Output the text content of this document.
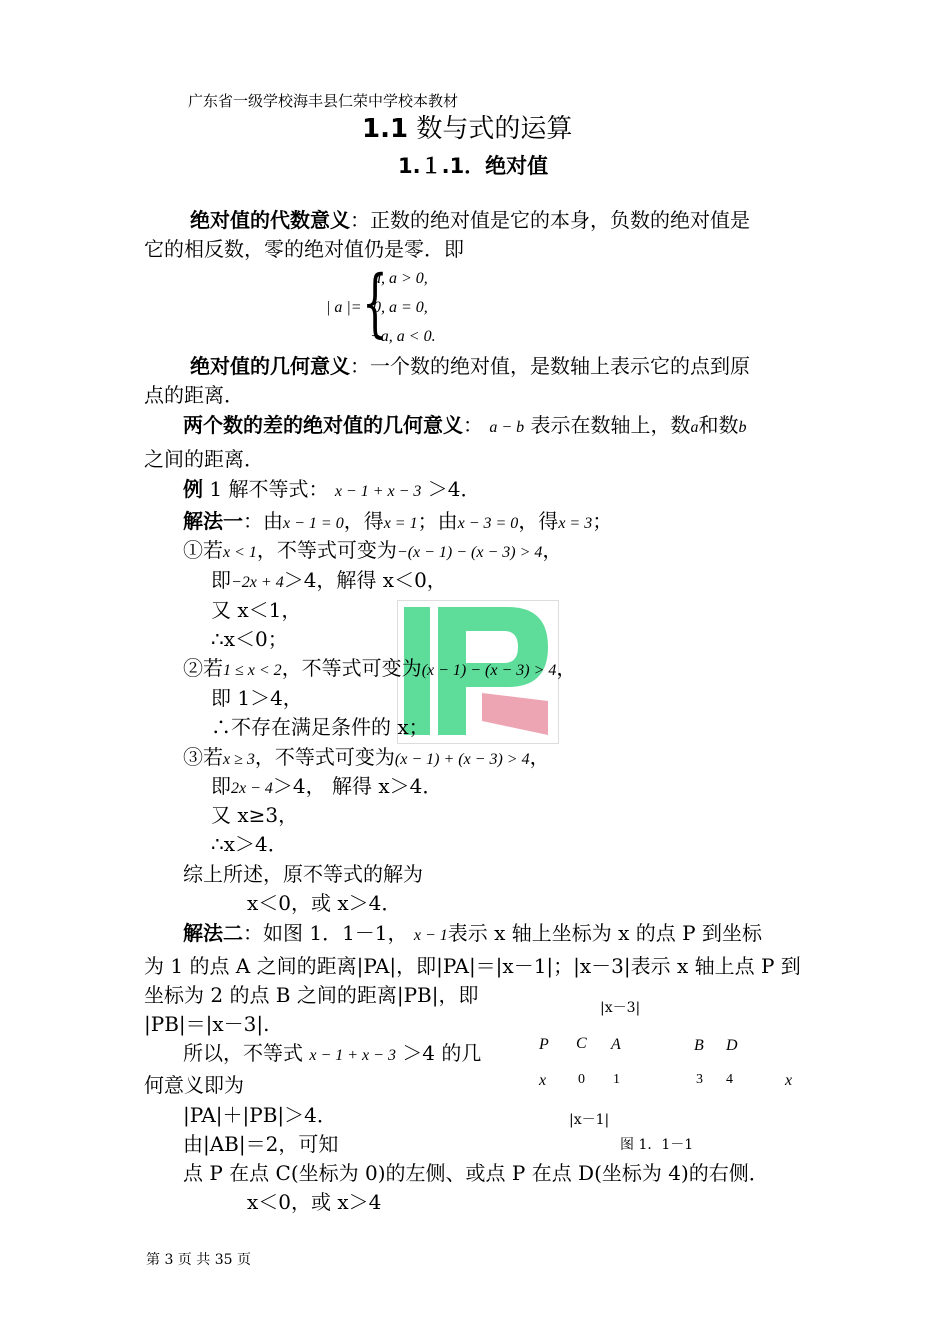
广东省一级学校海丰县仁荣中学校本教材
1.1 数与式的运算
1.１.1．绝对值
绝对值的代数意义：正数的绝对值是它的本身，负数的绝对值是
它的相反数，零的绝对值仍是零．即
| a |= {
a, a > 0,
0, a = 0,
−a, a < 0.
绝对值的几何意义：一个数的绝对值，是数轴上表示它的点到原
点的距离．
两个数的差的绝对值的几何意义： a − b 表示在数轴上，数a和数b
之间的距离．
例 1 解不等式： x − 1 + x − 3 ＞4．
解法一：由x − 1 = 0，得x = 1；由x − 3 = 0，得x = 3；
①若x < 1，不等式可变为−(x − 1) − (x − 3) > 4，
即−2x + 4＞4，解得 x＜0，
又 x＜1，
∴x＜0；
②若1 ≤ x < 2，不等式可变为(x − 1) − (x − 3) > 4，
即 1＞4，
∴不存在满足条件的 x；
③若x ≥ 3，不等式可变为(x − 1) + (x − 3) > 4，
即2x − 4＞4， 解得 x＞4．
又 x≥3，
∴x＞4．
综上所述，原不等式的解为
x＜0，或 x＞4．
解法二：如图 1．1－1， x − 1表示 x 轴上坐标为 x 的点 P 到坐标
为 1 的点 A 之间的距离|PA|，即|PA|＝|x－1|；|x－3|表示 x 轴上点 P 到
坐标为 2 的点 B 之间的距离|PB|，即
|PB|＝|x－3|.
所以，不等式 x − 1 + x − 3 ＞4 的几
何意义即为
|PA|＋|PB|＞4．
由|AB|＝2，可知
点 P 在点 C(坐标为 0)的左侧、或点 P 在点 D(坐标为 4)的右侧．
x＜0，或 x＞4
|x－3|
P C A	B D
x 0 1	3 4	x
|x－1|
图 1．1－1
第 3 页 共 35 页
